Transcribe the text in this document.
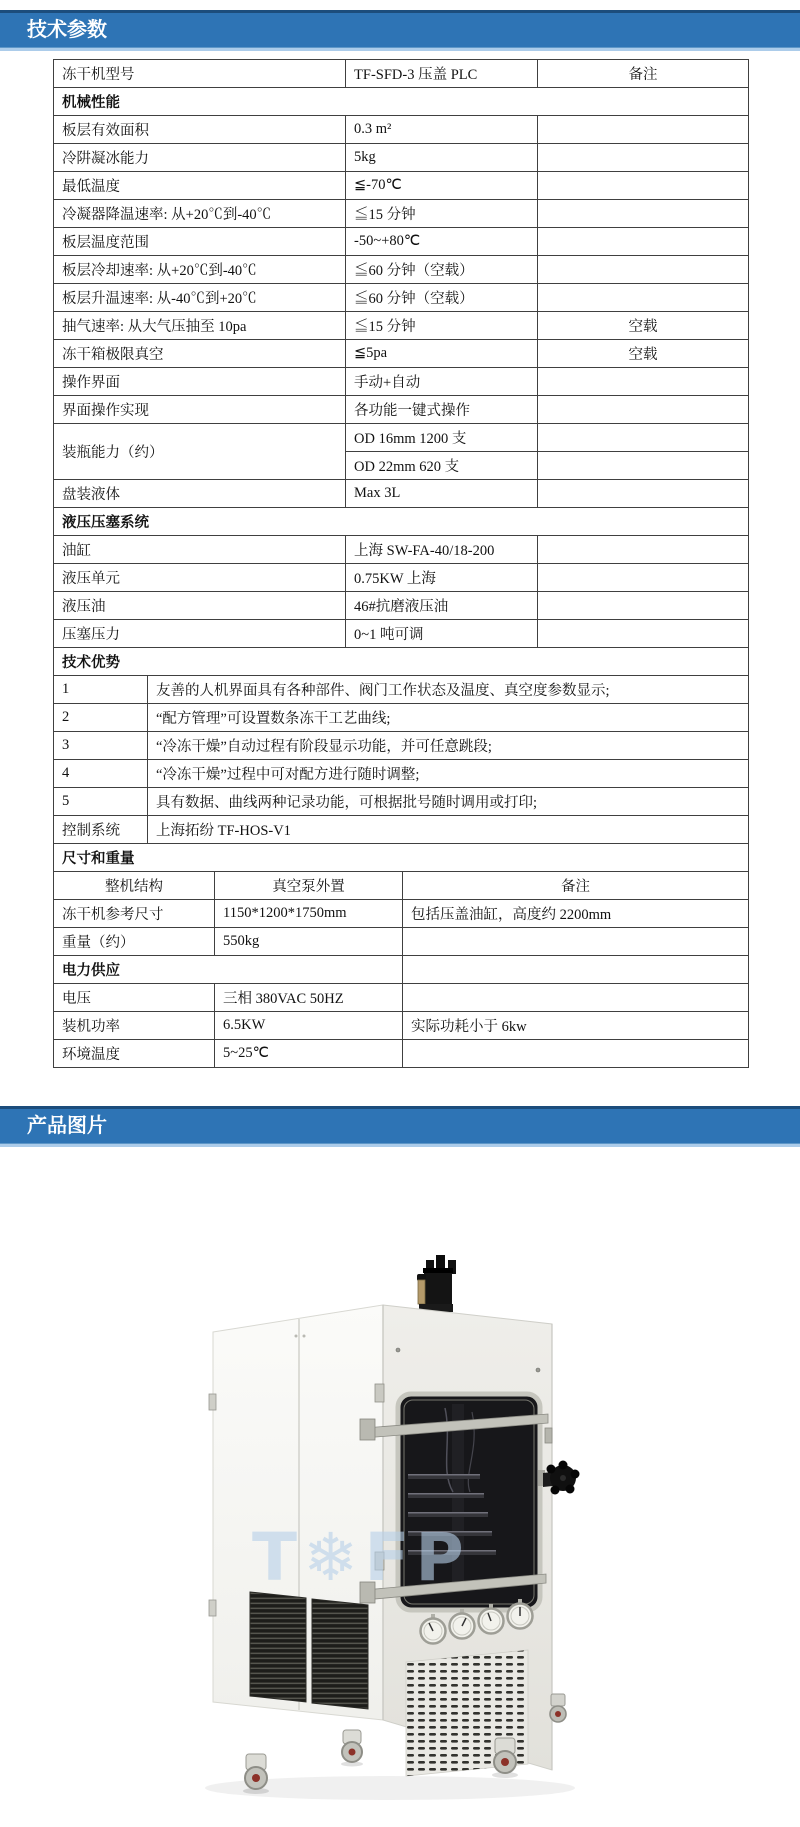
技术参数
冻干机型号			TF-SFD-3 压盖 PLC		备注
机械性能					
板层有效面积			0.3 m²		
冷阱凝冰能力			5kg		
最低温度			≦-70℃		
冷凝器降温速率: 从+20℃到-40℃			≦15 分钟		
板层温度范围			-50~+80℃		
板层冷却速率: 从+20℃到-40℃			≦60 分钟（空载）		
板层升温速率: 从-40℃到+20℃			≦60 分钟（空载）		
抽气速率: 从大气压抽至 10pa			≦15 分钟		空载
冻干箱极限真空			≦5pa		空载
操作界面			手动+自动		
界面操作实现			各功能一键式操作		
装瓶能力（约）			OD 16mm 1200 支		
			OD 22mm 620 支		
盘装液体			Max 3L		
液压压塞系统					
油缸			上海 SW-FA-40/18-200		
液压单元			0.75KW 上海		
液压油			46#抗磨液压油		
压塞压力			0~1 吨可调		
技术优势					
1	友善的人机界面具有各种部件、阀门工作状态及温度、真空度参数显示;				
2	“配方管理”可设置数条冻干工艺曲线;				
3	“冷冻干燥”自动过程有阶段显示功能，并可任意跳段;				
4	“冷冻干燥”过程中可对配方进行随时调整;				
5	具有数据、曲线两种记录功能，可根据批号随时调用或打印;				
控制系统	上海拓纷 TF-HOS-V1				
尺寸和重量					
整机结构		真空泵外置		备注	
冻干机参考尺寸		1150*1200*1750mm		包括压盖油缸，高度约 2200mm	
重量（约）		550kg			
电力供应					
电压		三相 380VAC 50HZ			
装机功率		6.5KW		实际功耗小于 6kw	
环境温度		5~25℃			
产品图片
T❄FP
